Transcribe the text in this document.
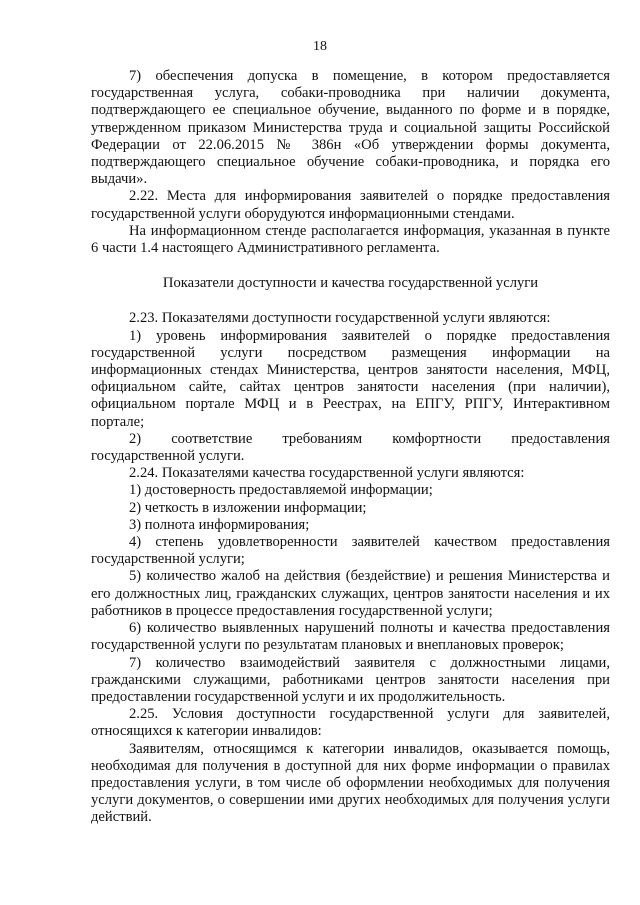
18

7) обеспечения допуска в помещение, в котором предоставляется государственная услуга, собаки-проводника при наличии документа, подтверждающего ее специальное обучение, выданного по форме и в порядке, утвержденном приказом Министерства труда и социальной защиты Российской Федерации от 22.06.2015 № 386н «Об утверждении формы документа, подтверждающего специальное обучение собаки-проводника, и порядка его выдачи».

2.22. Места для информирования заявителей о порядке предоставления государственной услуги оборудуются информационными стендами.

На информационном стенде располагается информация, указанная в пункте 6 части 1.4 настоящего Административного регламента.

Показатели доступности и качества государственной услуги

2.23. Показателями доступности государственной услуги являются:

1) уровень информирования заявителей о порядке предоставления государственной услуги посредством размещения информации на информационных стендах Министерства, центров занятости населения, МФЦ, официальном сайте, сайтах центров занятости населения (при наличии), официальном портале МФЦ и в Реестрах, на ЕПГУ, РПГУ, Интерактивном портале;

2) соответствие требованиям комфортности предоставления государственной услуги.

2.24. Показателями качества государственной услуги являются:

1) достоверность предоставляемой информации;

2) четкость в изложении информации;

3) полнота информирования;

4) степень удовлетворенности заявителей качеством предоставления государственной услуги;

5) количество жалоб на действия (бездействие) и решения Министерства и его должностных лиц, гражданских служащих, центров занятости населения и их работников в процессе предоставления государственной услуги;

6) количество выявленных нарушений полноты и качества предоставления государственной услуги по результатам плановых и внеплановых проверок;

7) количество взаимодействий заявителя с должностными лицами, гражданскими служащими, работниками центров занятости населения при предоставлении государственной услуги и их продолжительность.

2.25. Условия доступности государственной услуги для заявителей, относящихся к категории инвалидов:

Заявителям, относящимся к категории инвалидов, оказывается помощь, необходимая для получения в доступной для них форме информации о правилах предоставления услуги, в том числе об оформлении необходимых для получения услуги документов, о совершении ими других необходимых для получения услуги действий.
